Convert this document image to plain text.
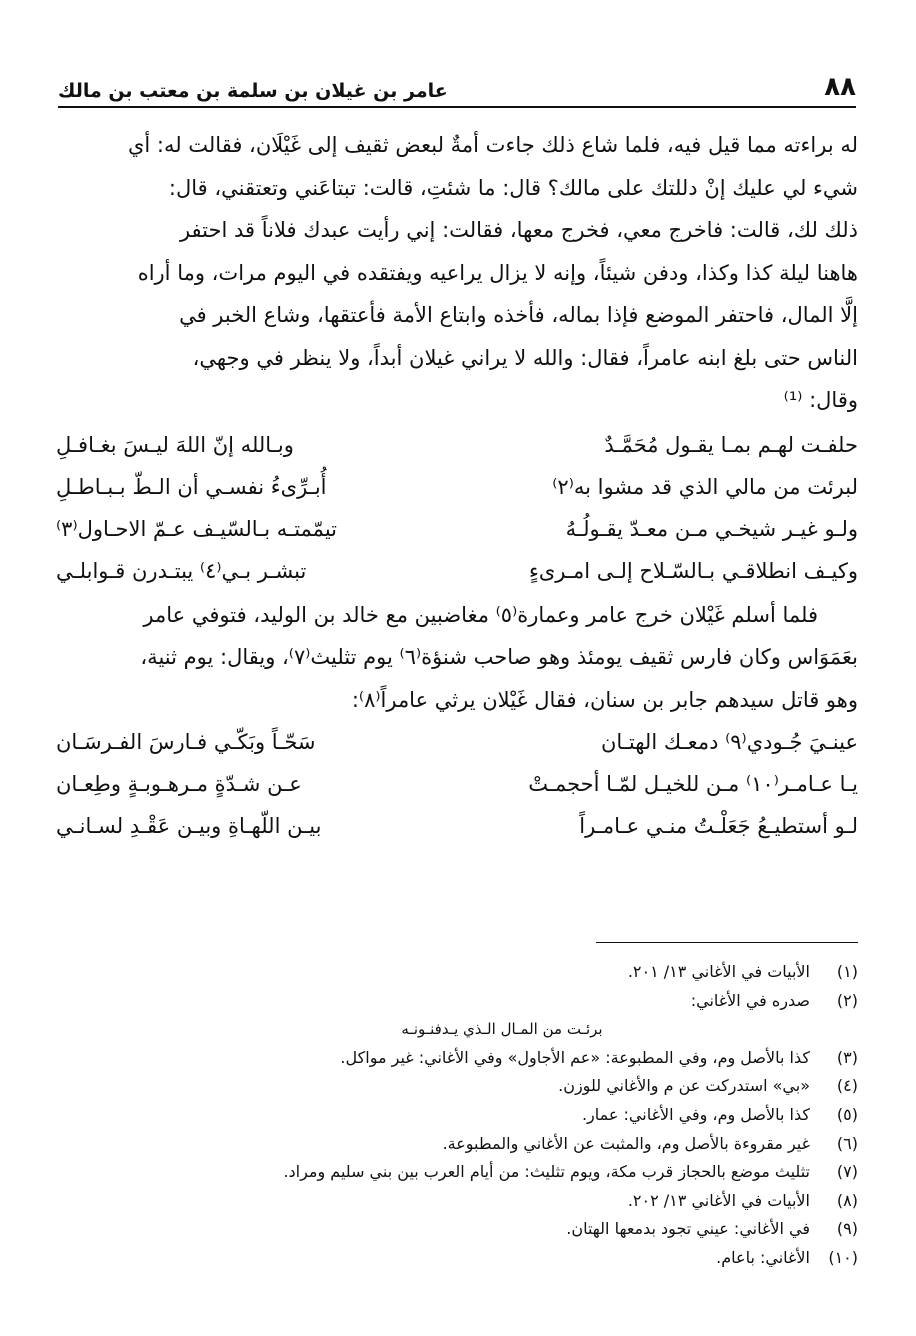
٨٨
عامر بن غيلان بن سلمة بن معتب بن مالك

له براءته مما قيل فيه، فلما شاع ذلك جاءت أمةٌ لبعض ثقيف إلى غَيْلَان، فقالت له: أي

شيء لي عليك إنْ دللتك على مالك؟ قال: ما شئتِ، قالت: تبتاعَني وتعتقني، قال:

ذلك لك، قالت: فاخرج معي، فخرج معها، فقالت: إني رأيت عبدك فلاناً قد احتفر

هاهنا ليلة كذا وكذا، ودفن شيئاً، وإنه لا يزال يراعيه ويفتقده في اليوم مرات، وما أراه

إلَّا المال، فاحتفر الموضع فإذا بماله، فأخذه وابتاع الأمة فأعتقها، وشاع الخبر في

الناس حتى بلغ ابنه عامراً، فقال: والله لا يراني غيلان أبداً، ولا ينظر في وجهي،

وقال: ⁽¹⁾

حلفـت لهـم بمـا يقـول مُحَمَّـدٌ
وبـالله إنّ اللهَ ليـسَ بغـافـلِ
لبرئت من مالي الذي قد مشوا به⁽٢⁾
أُبـرِّىءُ نفسـي أن الـطّ بـبـاطـلِ
ولـو غيـر شيخـي مـن معـدّ يقـولُـهُ
تيمّمتـه بـالسّيـف عـمّ الاحـاول⁽٣⁾
وكيـف انطلاقـي بـالسّـلاح إلـى امـرىءٍ
تبشـر بـي⁽٤⁾ يبتـدرن قـوابلـي

فلما أسلم غَيْلان خرج عامر وعمارة⁽٥⁾ مغاضبين مع خالد بن الوليد، فتوفي عامر

بعَمَوَاس وكان فارس ثقيف يومئذ وهو صاحب شنؤة⁽٦⁾ يوم تثليث⁽٧⁾، ويقال: يوم ثنية،

وهو قاتل سيدهم جابر بن سنان، فقال غَيْلان يرثي عامراً⁽٨⁾:

عينـيَ جُـودي⁽٩⁾ دمعـك الهتـان
سَحّـاً وبَكّـي فـارسَ الفـرسَـان
يـا عـامـر⁽١٠⁾ مـن للخيـل لمّـا أحجمـتْ
عـن شـدّةٍ مـرهـوبـةٍ وطِعـان
لـو أستطيـعُ جَعَلْـتُ منـي عـامـراً
بيـن اللّهـاةِ وبيـن عَقْـدِ لسـانـي
(١)
الأبيات في الأغاني ١٣/ ٢٠١.
(٢)
صدره في الأغاني:
برئـت من المـال الـذي يـدفنـونـه
(٣)
كذا بالأصل وم، وفي المطبوعة: «عم الأجاول» وفي الأغاني: غير مواكل.
(٤)
«بي» استدركت عن م والأغاني للوزن.
(٥)
كذا بالأصل وم، وفي الأغاني: عمار.
(٦)
غير مقروءة بالأصل وم، والمثبت عن الأغاني والمطبوعة.
(٧)
تثليث موضع بالحجاز قرب مكة، ويوم تثليث: من أيام العرب بين بني سليم ومراد.
(٨)
الأبيات في الأغاني ١٣/ ٢٠٢.
(٩)
في الأغاني: عيني تجود بدمعها الهتان.
(١٠)
الأغاني: باعام.
